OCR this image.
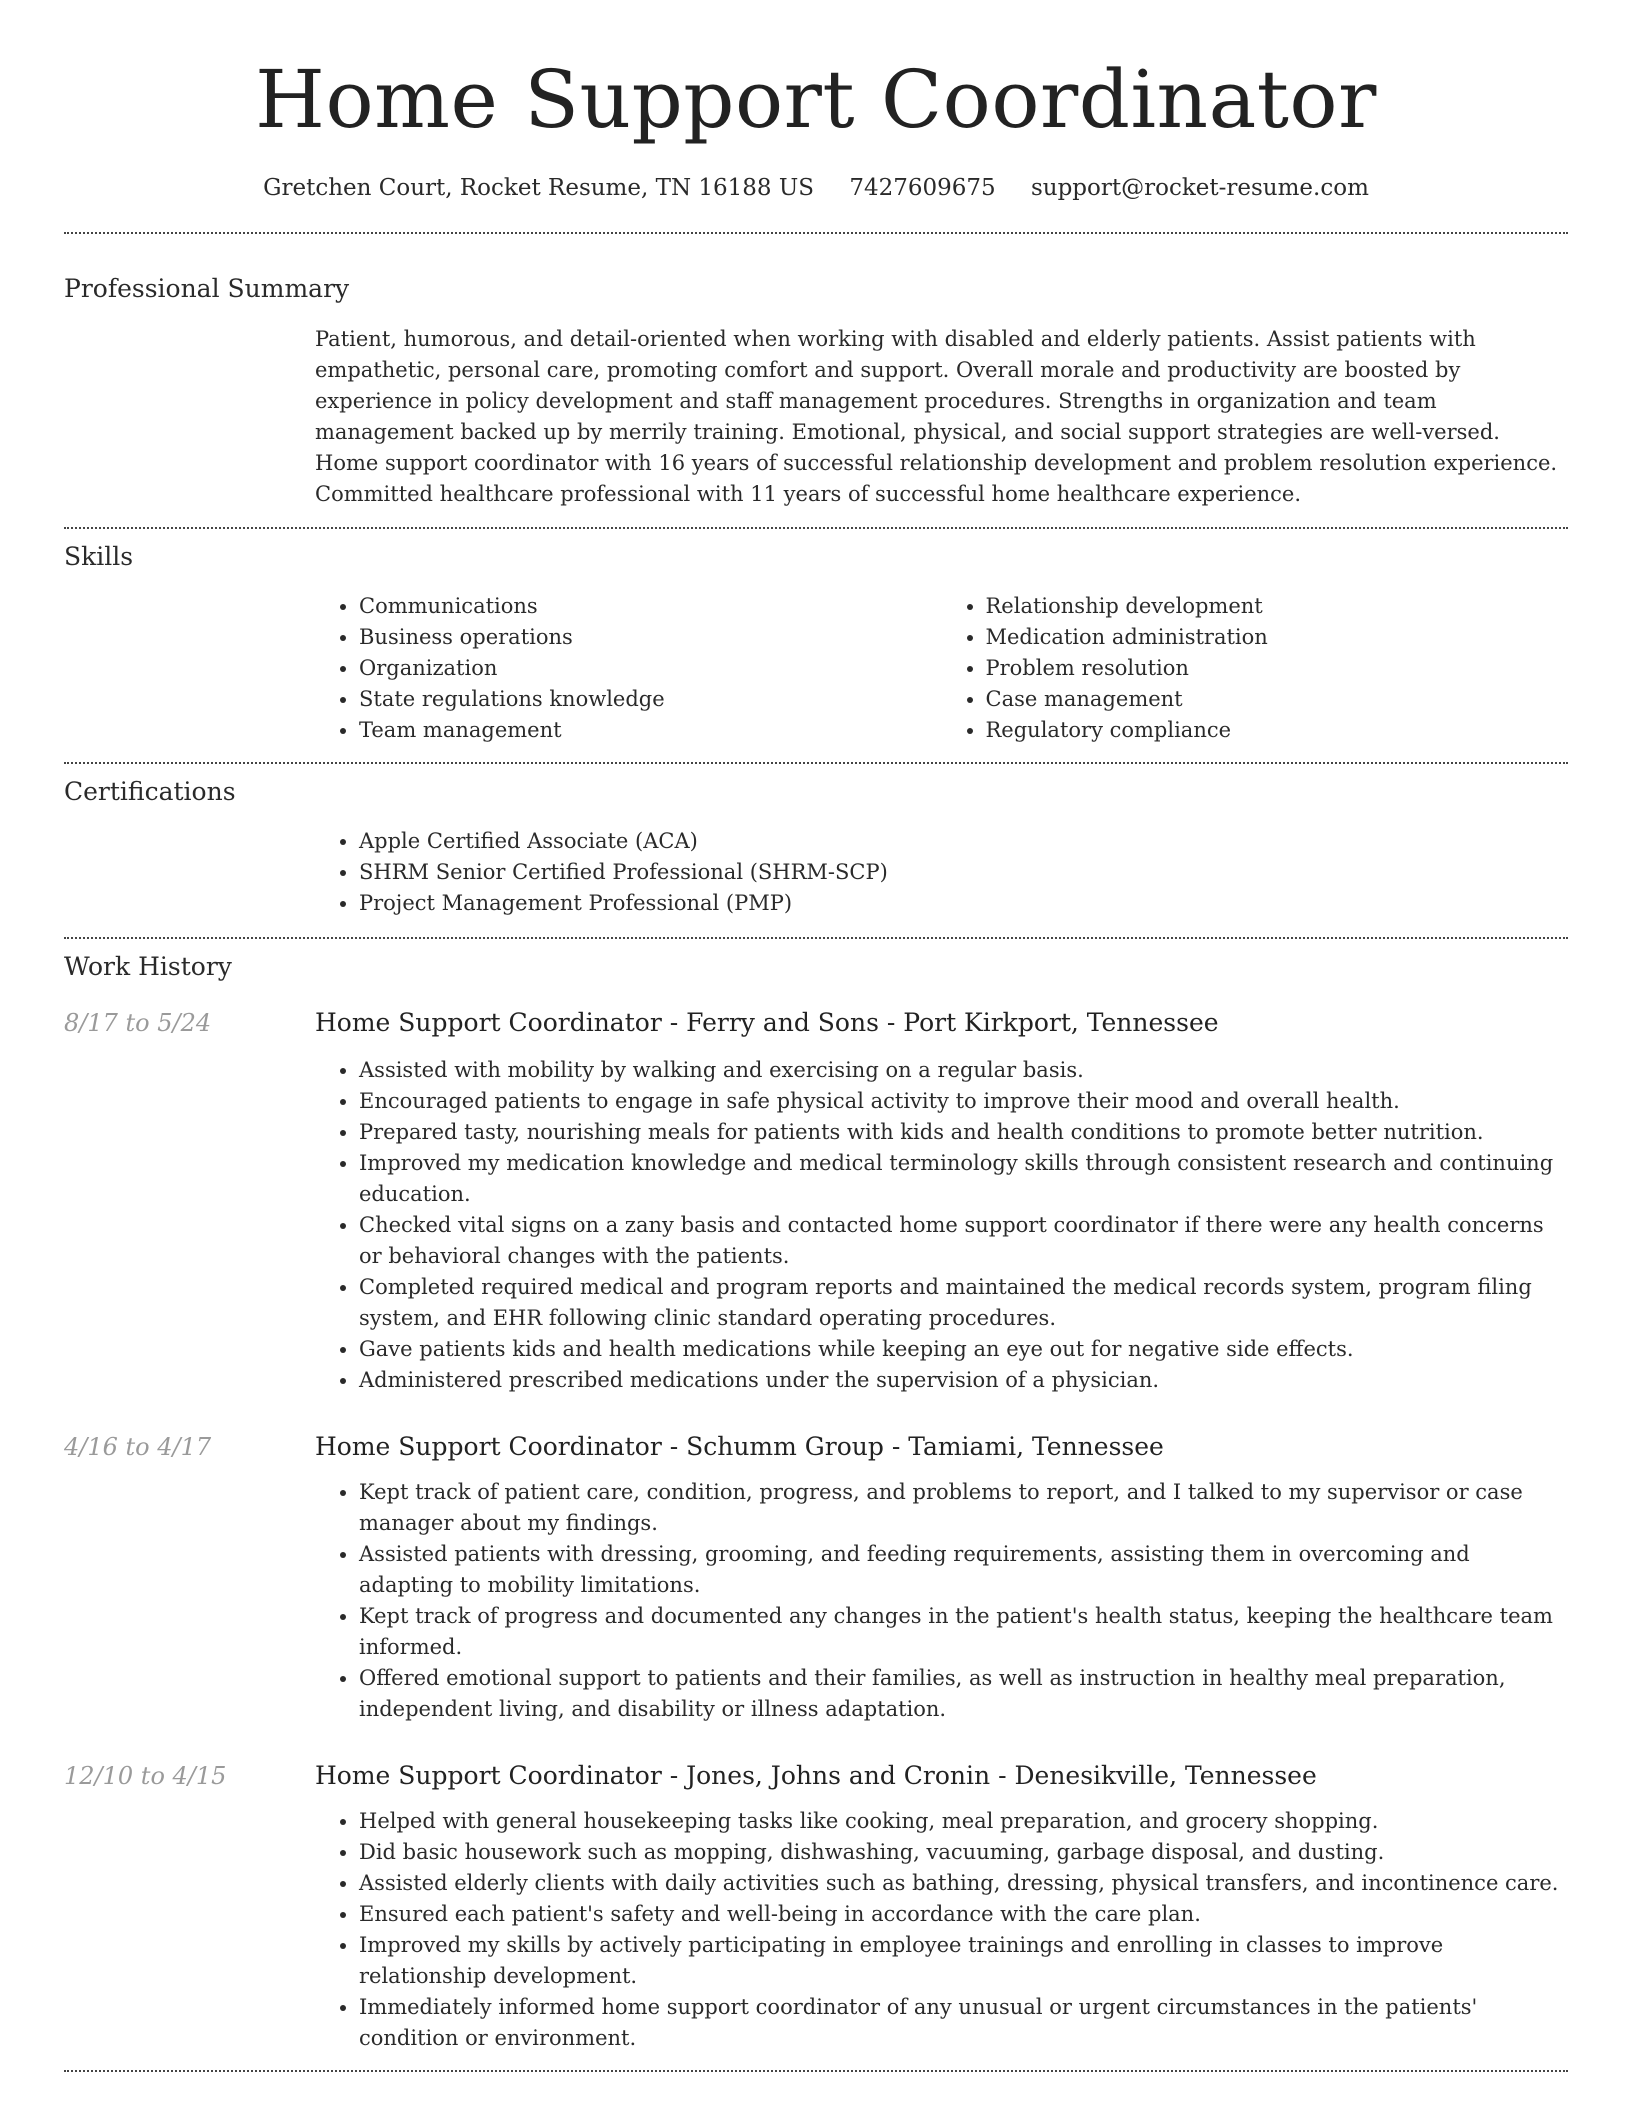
Home Support Coordinator
Gretchen Court, Rocket Resume, TN 16188 US 7427609675 support@rocket-resume.com
Professional Summary
Patient, humorous, and detail-oriented when working with disabled and elderly patients. Assist patients with empathetic, personal care, promoting comfort and support. Overall morale and productivity are boosted by experience in policy development and staff management procedures. Strengths in organization and team management backed up by merrily training. Emotional, physical, and social support strategies are well-versed. Home support coordinator with 16 years of successful relationship development and problem resolution experience. Committed healthcare professional with 11 years of successful home healthcare experience.
Skills
• Communications
• Business operations
• Organization
• State regulations knowledge
• Team management
• Relationship development
• Medication administration
• Problem resolution
• Case management
• Regulatory compliance
Certifications
• Apple Certified Associate (ACA)
• SHRM Senior Certified Professional (SHRM-SCP)
• Project Management Professional (PMP)
Work History
8/17 to 5/24	Home Support Coordinator - Ferry and Sons - Port Kirkport, Tennessee
• Assisted with mobility by walking and exercising on a regular basis.
• Encouraged patients to engage in safe physical activity to improve their mood and overall health.
• Prepared tasty, nourishing meals for patients with kids and health conditions to promote better nutrition.
• Improved my medication knowledge and medical terminology skills through consistent research and continuing education.
• Checked vital signs on a zany basis and contacted home support coordinator if there were any health concerns or behavioral changes with the patients.
• Completed required medical and program reports and maintained the medical records system, program filing system, and EHR following clinic standard operating procedures.
• Gave patients kids and health medications while keeping an eye out for negative side effects.
• Administered prescribed medications under the supervision of a physician.
4/16 to 4/17	Home Support Coordinator - Schumm Group - Tamiami, Tennessee
• Kept track of patient care, condition, progress, and problems to report, and I talked to my supervisor or case manager about my findings.
• Assisted patients with dressing, grooming, and feeding requirements, assisting them in overcoming and adapting to mobility limitations.
• Kept track of progress and documented any changes in the patient's health status, keeping the healthcare team informed.
• Offered emotional support to patients and their families, as well as instruction in healthy meal preparation, independent living, and disability or illness adaptation.
12/10 to 4/15	Home Support Coordinator - Jones, Johns and Cronin - Denesikville, Tennessee
• Helped with general housekeeping tasks like cooking, meal preparation, and grocery shopping.
• Did basic housework such as mopping, dishwashing, vacuuming, garbage disposal, and dusting.
• Assisted elderly clients with daily activities such as bathing, dressing, physical transfers, and incontinence care.
• Ensured each patient's safety and well-being in accordance with the care plan.
• Improved my skills by actively participating in employee trainings and enrolling in classes to improve relationship development.
• Immediately informed home support coordinator of any unusual or urgent circumstances in the patients' condition or environment.
